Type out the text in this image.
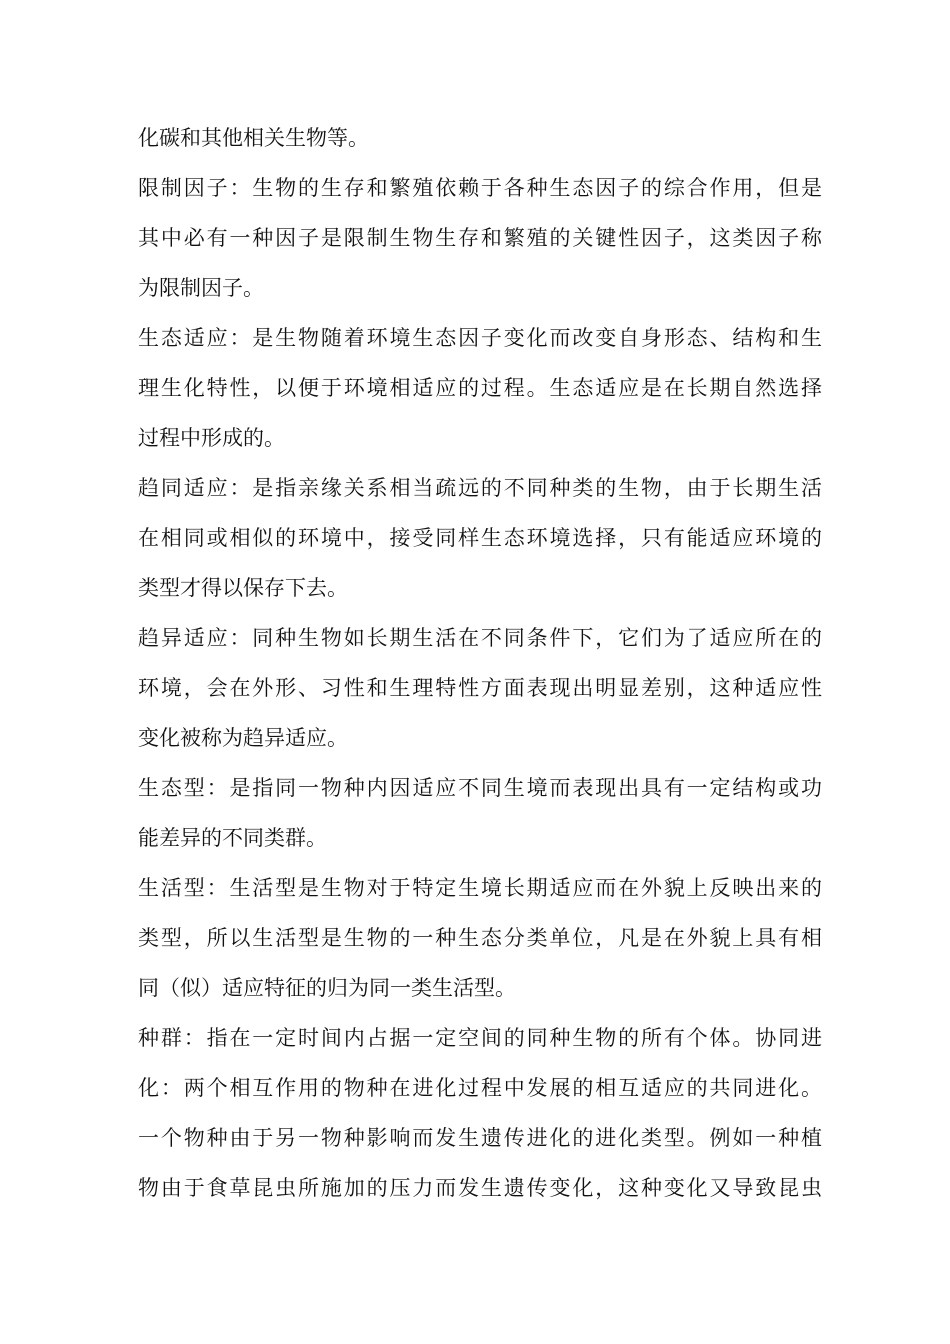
化碳和其他相关生物等。
限制因子：生物的生存和繁殖依赖于各种生态因子的综合作用，但是
其中必有一种因子是限制生物生存和繁殖的关键性因子，这类因子称
为限制因子。
生态适应：是生物随着环境生态因子变化而改变自身形态、结构和生
理生化特性，以便于环境相适应的过程。生态适应是在长期自然选择
过程中形成的。
趋同适应：是指亲缘关系相当疏远的不同种类的生物，由于长期生活
在相同或相似的环境中，接受同样生态环境选择，只有能适应环境的
类型才得以保存下去。
趋异适应：同种生物如长期生活在不同条件下，它们为了适应所在的
环境，会在外形、习性和生理特性方面表现出明显差别，这种适应性
变化被称为趋异适应。
生态型：是指同一物种内因适应不同生境而表现出具有一定结构或功
能差异的不同类群。
生活型：生活型是生物对于特定生境长期适应而在外貌上反映出来的
类型，所以生活型是生物的一种生态分类单位，凡是在外貌上具有相
同（似）适应特征的归为同一类生活型。
种群：指在一定时间内占据一定空间的同种生物的所有个体。协同进
化：两个相互作用的物种在进化过程中发展的相互适应的共同进化。
一个物种由于另一物种影响而发生遗传进化的进化类型。例如一种植
物由于食草昆虫所施加的压力而发生遗传变化，这种变化又导致昆虫
